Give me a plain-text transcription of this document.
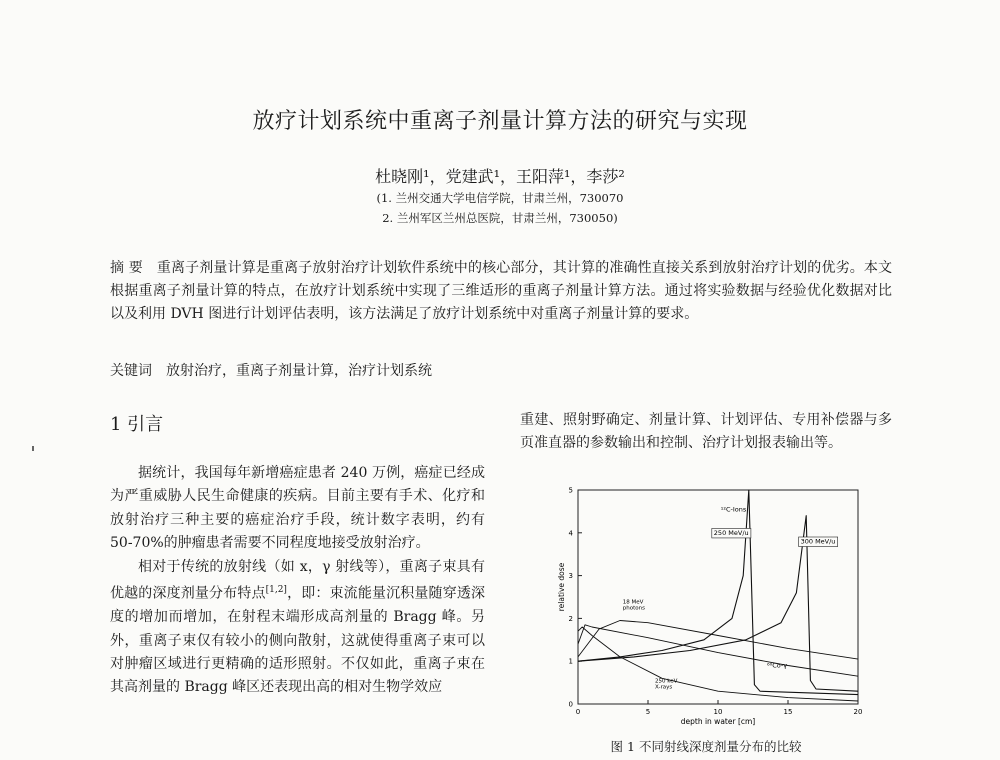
放疗计划系统中重离子剂量计算方法的研究与实现
杜晓刚¹，党建武¹，王阳萍¹，李莎²
(1. 兰州交通大学电信学院，甘肃兰州，730070
2. 兰州军区兰州总医院，甘肃兰州，730050)
摘 要 重离子剂量计算是重离子放射治疗计划软件系统中的核心部分，其计算的准确性直接关系到放射治疗计划的优劣。本文根据重离子剂量计算的特点，在放疗计划系统中实现了三维适形的重离子剂量计算方法。通过将实验数据与经验优化数据对比以及利用 DVH 图进行计划评估表明，该方法满足了放疗计划系统中对重离子剂量计算的要求。
关键词 放射治疗，重离子剂量计算，治疗计划系统
1 引言

据统计，我国每年新增癌症患者 240 万例，癌症已经成为严重威胁人民生命健康的疾病。目前主要有手术、化疗和放射治疗三种主要的癌症治疗手段，统计数字表明，约有 50-70%的肿瘤患者需要不同程度地接受放射治疗。

相对于传统的放射线（如 x，γ 射线等），重离子束具有优越的深度剂量分布特点[1,2]，即：束流能量沉积量随穿透深度的增加而增加，在射程末端形成高剂量的 Bragg 峰。另外，重离子束仅有较小的侧向散射，这就使得重离子束可以对肿瘤区域进行更精确的适形照射。不仅如此，重离子束在其高剂量的 Bragg 峰区还表现出高的相对生物学效应

重建、照射野确定、剂量计算、计划评估、专用补偿器与多页准直器的参数输出和控制、治疗计划报表输出等。

0	5	10	15	20
0
1
2
3
4
5
depth in water [cm]
relative dose
¹²C-Ions
250 MeV/u
300 MeV/u
18 MeV
photons
⁶⁰Co-γ
250 keV
X-rays
图 1 不同射线深度剂量分布的比较
